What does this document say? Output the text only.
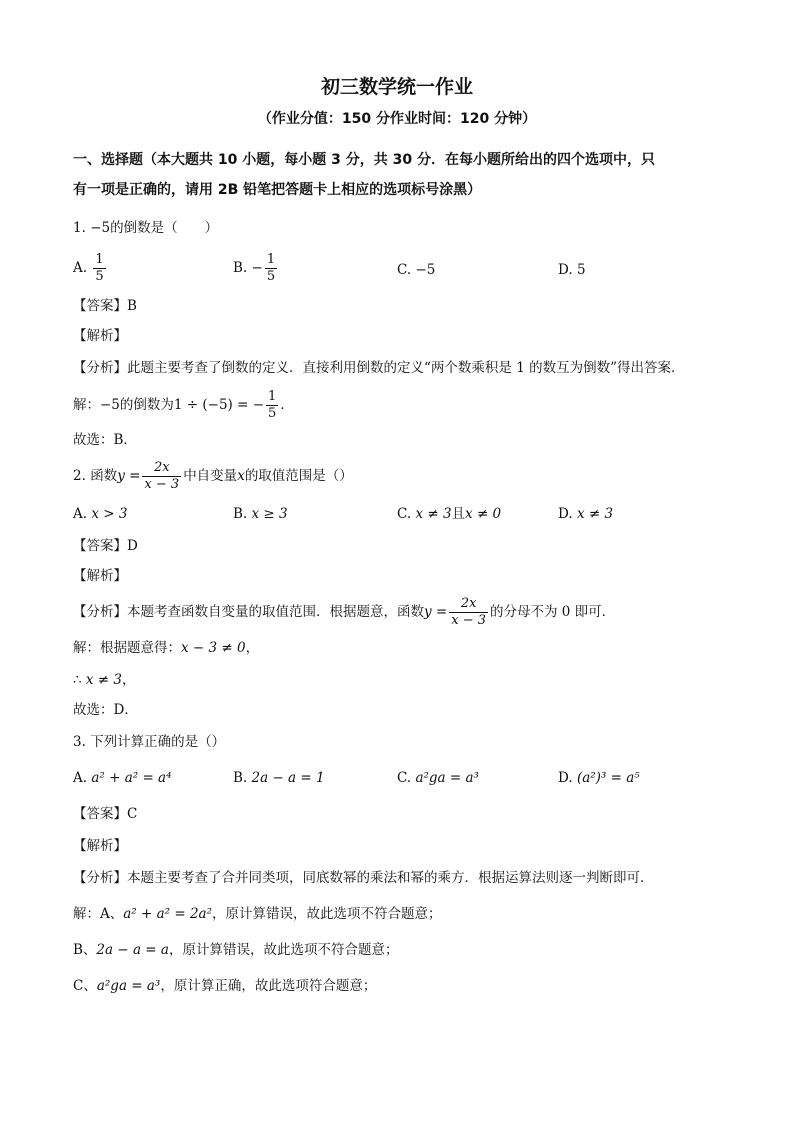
初三数学统一作业
（作业分值：150 分作业时间：120 分钟）
一、选择题（本大题共 10 小题，每小题 3 分，共 30 分．在每小题所给出的四个选项中，只
有一项是正确的，请用 2B 铅笔把答题卡上相应的选项标号涂黑）
1. −5的倒数是（　　）
A. $\frac{1}{5}$	B. − $\frac{1}{5}$	C. −5	D. 5
【答案】B
【解析】
【分析】此题主要考查了倒数的定义．直接利用倒数的定义“两个数乘积是 1 的数互为倒数”得出答案．
解：−5的倒数为1 ÷ (−5) = − $\frac{1}{5}$ ．
故选：B．
2. 函数$y = \frac{2x}{x - 3}$ 中自变量x的取值范围是（）
A. x > 3	B. x ≥ 3	C. x ≠ 3且x ≠ 0	D. x ≠ 3
【答案】D
【解析】
【分析】本题考查函数自变量的取值范围．根据题意，函数$y = \frac{2x}{x - 3}$ 的分母不为 0 即可．
解：根据题意得：x − 3 ≠ 0，
∴ x ≠ 3，
故选：D．
3. 下列计算正确的是（）
A. a² + a² = a⁴	B. 2a − a = 1	C. a²ga = a³	D. (a²)³ = a⁵
【答案】C
【解析】
【分析】本题主要考查了合并同类项，同底数幂的乘法和幂的乘方．根据运算法则逐一判断即可．
解：A、a² + a² = 2a²，原计算错误，故此选项不符合题意；
B、2a − a = a，原计算错误，故此选项不符合题意；
C、a²ga = a³，原计算正确，故此选项符合题意；
